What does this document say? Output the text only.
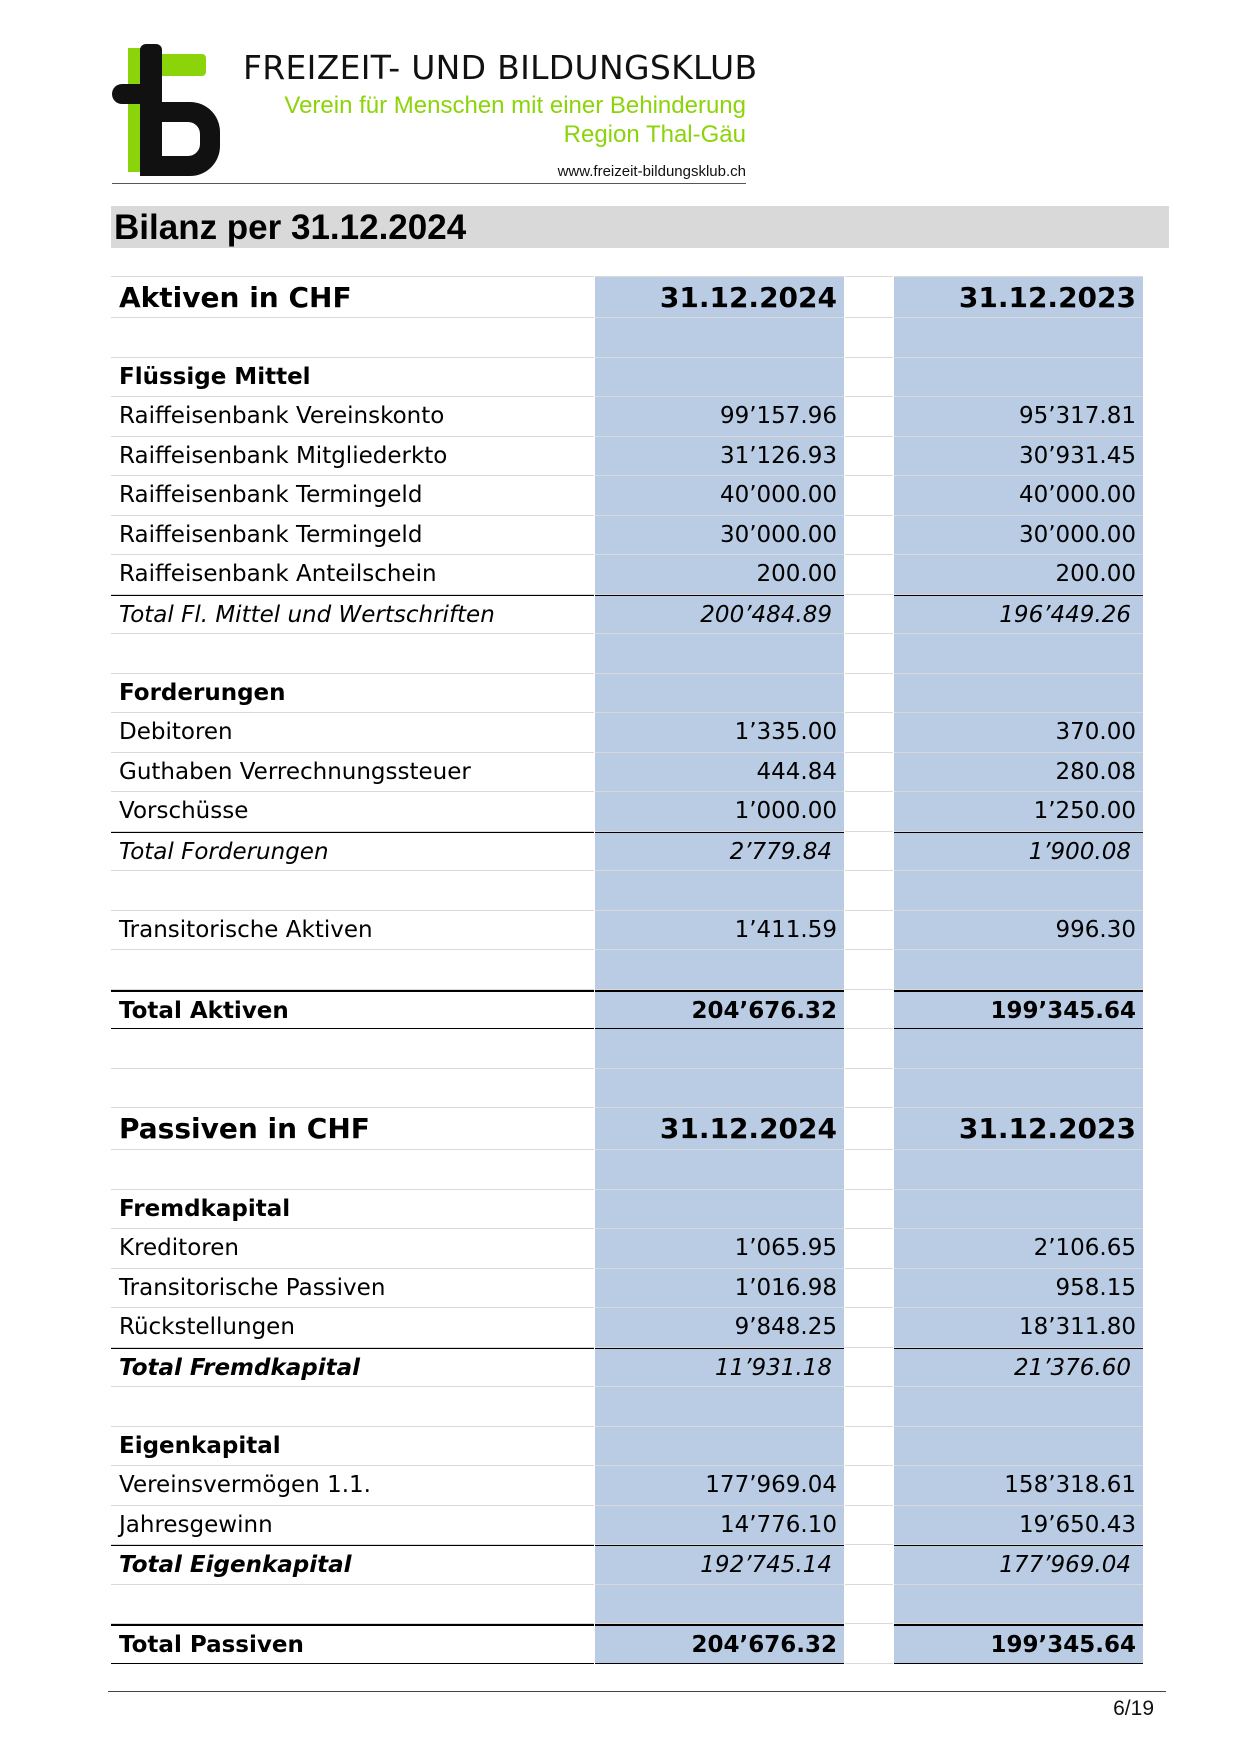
FREIZEIT- UND BILDUNGSKLUB
Verein für Menschen mit einer Behinderung
Region Thal-Gäu
www.freizeit-bildungsklub.ch
Bilanz per 31.12.2024
Aktiven in CHF	31.12.2024	31.12.2023
Flüssige Mittel
Raiffeisenbank Vereinskonto	99’157.96	95’317.81
Raiffeisenbank Mitgliederkto	31’126.93	30’931.45
Raiffeisenbank Termingeld	40’000.00	40’000.00
Raiffeisenbank Termingeld	30’000.00	30’000.00
Raiffeisenbank Anteilschein	200.00	200.00
Total Fl. Mittel und Wertschriften	200’484.89	196’449.26
Forderungen
Debitoren	1’335.00	370.00
Guthaben Verrechnungssteuer	444.84	280.08
Vorschüsse	1’000.00	1’250.00
Total Forderungen	2’779.84	1’900.08
Transitorische Aktiven	1’411.59	996.30
Total Aktiven	204’676.32	199’345.64
Passiven in CHF	31.12.2024	31.12.2023
Fremdkapital
Kreditoren	1’065.95	2’106.65
Transitorische Passiven	1’016.98	958.15
Rückstellungen	9’848.25	18’311.80
Total Fremdkapital	11’931.18	21’376.60
Eigenkapital
Vereinsvermögen 1.1.	177’969.04	158’318.61
Jahresgewinn	14’776.10	19’650.43
Total Eigenkapital	192’745.14	177’969.04
Total Passiven	204’676.32	199’345.64
6/19
